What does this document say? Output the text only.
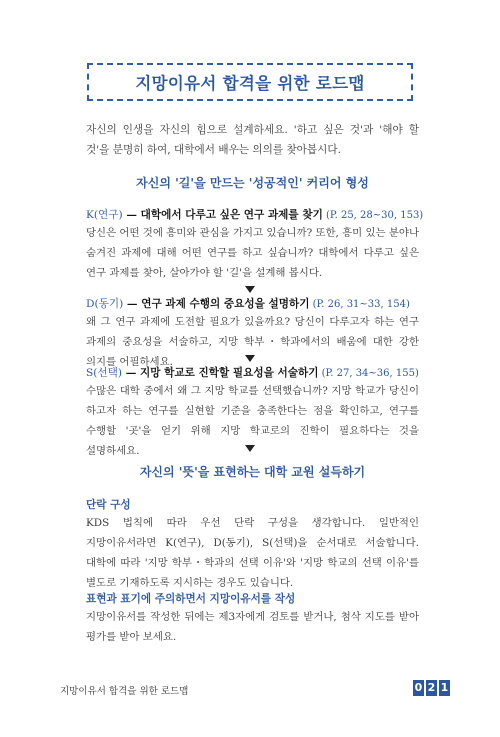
지망이유서 합격을 위한 로드맵
자신의 인생을 자신의 힘으로 설계하세요. '하고 싶은 것'과 '해야 할 것'을 분명히 하여, 대학에서 배우는 의의를 찾아봅시다.
자신의 '길'을 만드는 '성공적인' 커리어 형성
K(연구) — 대학에서 다루고 싶은 연구 과제를 찾기 (P. 25, 28~30, 153)
당신은 어떤 것에 흥미와 관심을 가지고 있습니까? 또한, 흥미 있는 분야나 숨겨진 과제에 대해 어떤 연구를 하고 싶습니까? 대학에서 다루고 싶은 연구 과제를 찾아, 살아가야 할 '길'을 설계해 봅시다.
D(동기) — 연구 과제 수행의 중요성을 설명하기 (P. 26, 31~33, 154)
왜 그 연구 과제에 도전할 필요가 있을까요? 당신이 다루고자 하는 연구 과제의 중요성을 서술하고, 지망 학부・학과에서의 배움에 대한 강한 의지를 어필하세요.
S(선택) — 지망 학교로 진학할 필요성을 서술하기 (P. 27, 34~36, 155)
수많은 대학 중에서 왜 그 지망 학교를 선택했습니까? 지망 학교가 당신이 하고자 하는 연구를 실현할 기준을 충족한다는 점을 확인하고, 연구를 수행할 '곳'을 얻기 위해 지망 학교로의 진학이 필요하다는 것을 설명하세요.
자신의 '뜻'을 표현하는 대학 교원 설득하기
단락 구성
KDS 법칙에 따라 우선 단락 구성을 생각합니다. 일반적인 지망이유서라면 K(연구), D(동기), S(선택)을 순서대로 서술합니다. 대학에 따라 '지망 학부・학과의 선택 이유'와 '지망 학교의 선택 이유'를 별도로 기재하도록 지시하는 경우도 있습니다.
표현과 표기에 주의하면서 지망이유서를 작성
지망이유서를 작성한 뒤에는 제3자에게 검토를 받거나, 첨삭 지도를 받아 평가를 받아 보세요.
지망이유서 합격을 위한 로드맵	0 2 1
